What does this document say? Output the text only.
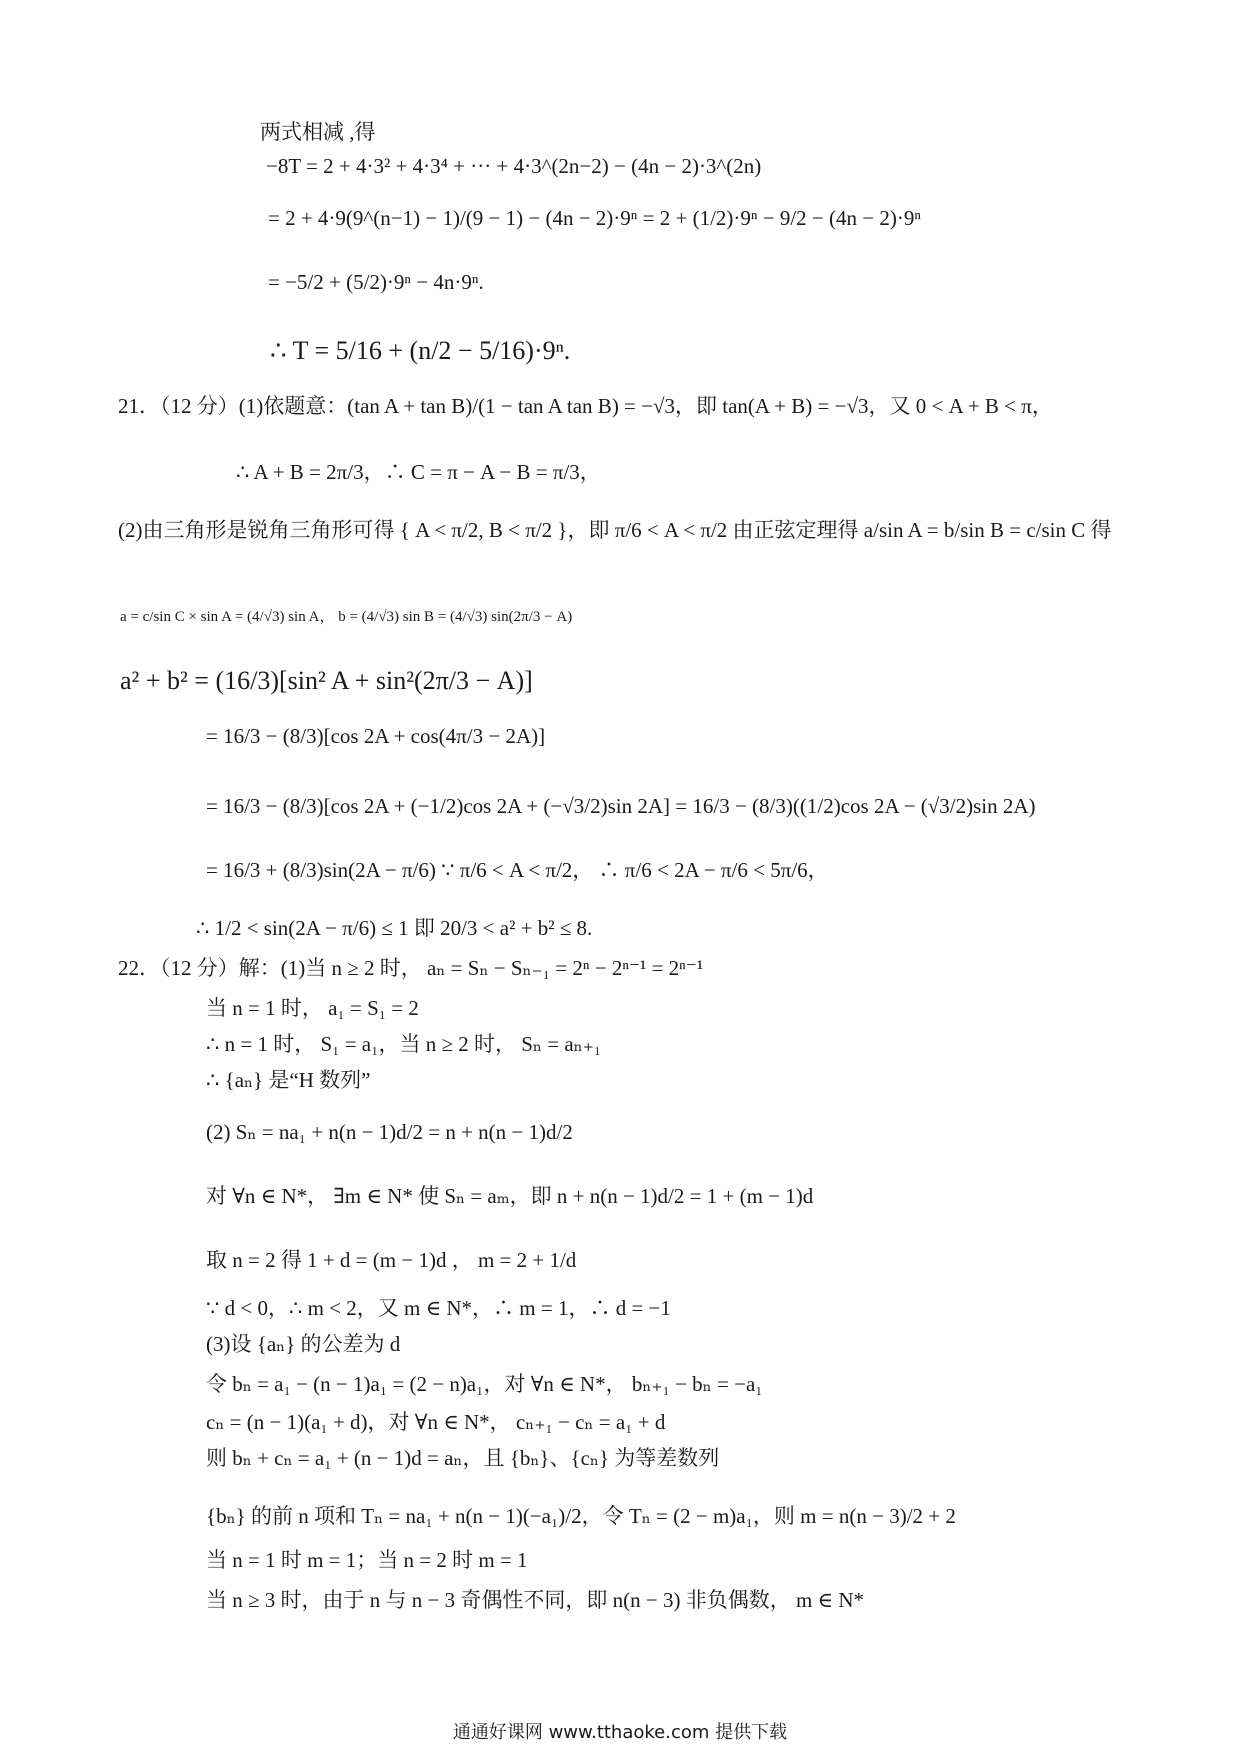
两式相减 ,得
−8T = 2 + 4·3² + 4·3⁴ + ··· + 4·3^(2n−2) − (4n − 2)·3^(2n)
= 2 + 4·9(9^(n−1) − 1)/(9 − 1) − (4n − 2)·9ⁿ = 2 + (1/2)·9ⁿ − 9/2 − (4n − 2)·9ⁿ
= −5/2 + (5/2)·9ⁿ − 4n·9ⁿ.
∴ T = 5/16 + (n/2 − 5/16)·9ⁿ.
21．（12 分）(1)依题意：(tan A + tan B)/(1 − tan A tan B) = −√3，即 tan(A + B) = −√3，又 0 < A + B < π，
∴ A + B = 2π/3，∴ C = π − A − B = π/3，
(2)由三角形是锐角三角形可得 { A < π/2, B < π/2 }，即 π/6 < A < π/2 由正弦定理得 a/sin A = b/sin B = c/sin C 得
a = c/sin C × sin A = (4/√3) sin A， b = (4/√3) sin B = (4/√3) sin(2π/3 − A)
a² + b² = (16/3)[sin² A + sin²(2π/3 − A)]
= 16/3 − (8/3)[cos 2A + cos(4π/3 − 2A)]
= 16/3 − (8/3)[cos 2A + (−1/2)cos 2A + (−√3/2)sin 2A] = 16/3 − (8/3)((1/2)cos 2A − (√3/2)sin 2A)
= 16/3 + (8/3)sin(2A − π/6) ∵ π/6 < A < π/2， ∴ π/6 < 2A − π/6 < 5π/6，
∴ 1/2 < sin(2A − π/6) ≤ 1 即 20/3 < a² + b² ≤ 8.
22．（12 分）解：(1)当 n ≥ 2 时， aₙ = Sₙ − Sₙ₋₁ = 2ⁿ − 2ⁿ⁻¹ = 2ⁿ⁻¹
当 n = 1 时， a₁ = S₁ = 2
∴ n = 1 时， S₁ = a₁，当 n ≥ 2 时， Sₙ = aₙ₊₁
∴ {aₙ} 是“H 数列”
(2) Sₙ = na₁ + n(n − 1)d/2 = n + n(n − 1)d/2
对 ∀n ∈ N*， ∃m ∈ N* 使 Sₙ = aₘ，即 n + n(n − 1)d/2 = 1 + (m − 1)d
取 n = 2 得 1 + d = (m − 1)d ， m = 2 + 1/d
∵ d < 0，∴ m < 2，又 m ∈ N*，∴ m = 1，∴ d = −1
(3)设 {aₙ} 的公差为 d
令 bₙ = a₁ − (n − 1)a₁ = (2 − n)a₁，对 ∀n ∈ N*， bₙ₊₁ − bₙ = −a₁
cₙ = (n − 1)(a₁ + d)，对 ∀n ∈ N*， cₙ₊₁ − cₙ = a₁ + d
则 bₙ + cₙ = a₁ + (n − 1)d = aₙ，且 {bₙ}、{cₙ} 为等差数列
{bₙ} 的前 n 项和 Tₙ = na₁ + n(n − 1)(−a₁)/2，令 Tₙ = (2 − m)a₁，则 m = n(n − 3)/2 + 2
当 n = 1 时 m = 1；当 n = 2 时 m = 1
当 n ≥ 3 时，由于 n 与 n − 3 奇偶性不同，即 n(n − 3) 非负偶数， m ∈ N*
通通好课网 www.tthaoke.com 提供下载
